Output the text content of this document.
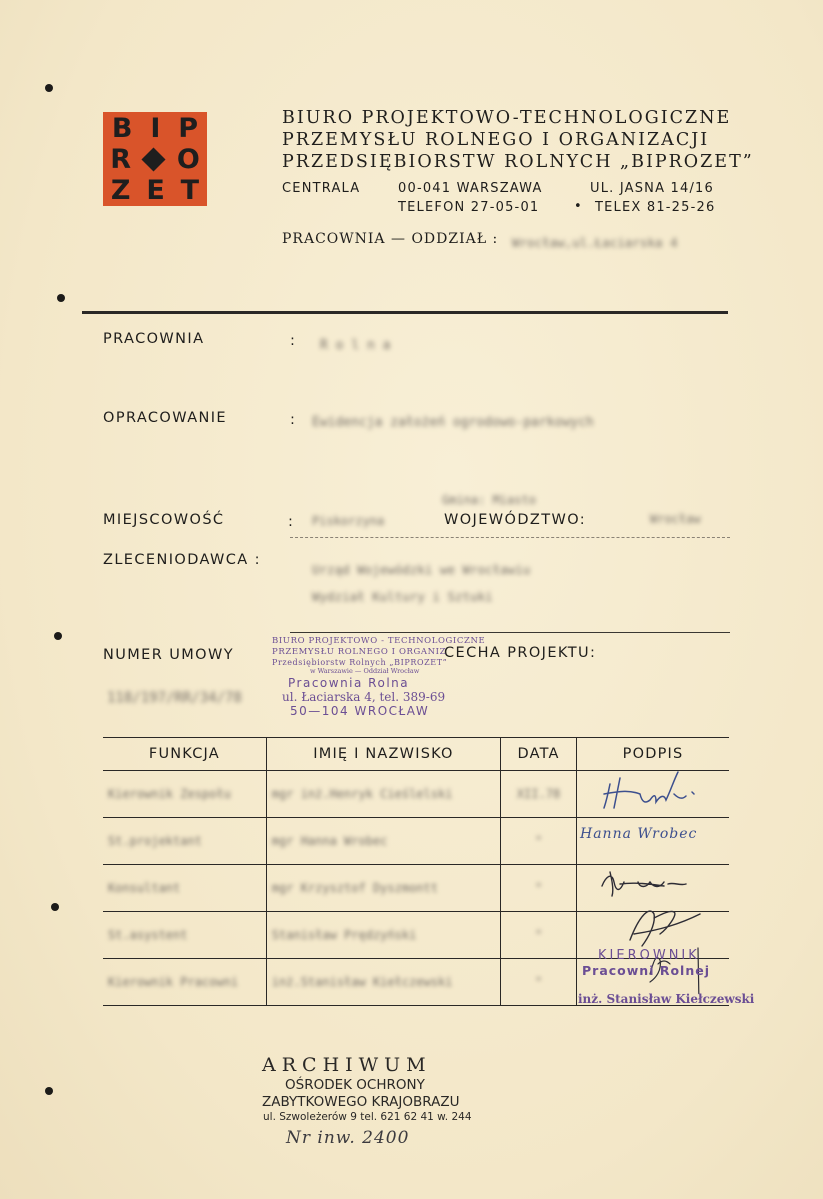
B I P
R O
Z E T
BIURO PROJEKTOWO-TECHNOLOGICZNE
PRZEMYSŁU ROLNEGO I ORGANIZACJI
PRZEDSIĘBIORSTW ROLNYCH „BIPROZET”
CENTRALA	00-041 WARSZAWA	UL. JASNA 14/16
TELEFON 27-05-01	• TELEX 81-25-26
PRACOWNIA — ODDZIAŁ : Wrocław,ul.Łaciarska 4
PRACOWNIA	: R o l n a
OPRACOWANIE	: Ewidencja założeń ogrodowo-parkowych
Gmina: Miasto
MIEJSCOWOŚĆ	: Piskorzyna	WOJEWÓDZTWO:	Wrocław
ZLECENIODAWCA :
Urząd Wojewódzki we Wrocławiu
Wydział Kultury i Sztuki
NUMER UMOWY	CECHA PROJEKTU:
118/197/RR/34/78
BIURO PROJEKTOWO - TECHNOLOGICZNE
PRZEMYSŁU ROLNEGO I ORGANIZ
Przedsiębiorstw Rolnych „BIPROZET”
w Warszawie — Oddział Wrocław
Pracownia Rolna
ul. Łaciarska 4, tel. 389-69
50—104 WROCŁAW
FUNKCJA	IMIĘ I NAZWISKO	DATA	PODPIS
Kierownik Zespołu	mgr inż.Henryk Cieślelski	XII.78	
St.projektant	mgr Hanna Wrobec	"	
Konsultant	mgr Krzysztof Dyszmontt	"	
St.asystent	Stanisław Prędzyński	"	
Kierownik Pracowni	inż.Stanisław Kiełczewski	"	
Hanna Wrobec
KIEROWNIK
Pracowni Rolnej
inż. Stanisław Kiełczewski
ARCHIWUM
OŚRODEK OCHRONY
ZABYTKOWEGO KRAJOBRAZU
ul. Szwoleżerów 9 tel. 621 62 41 w. 244
Nr inw. 2400
